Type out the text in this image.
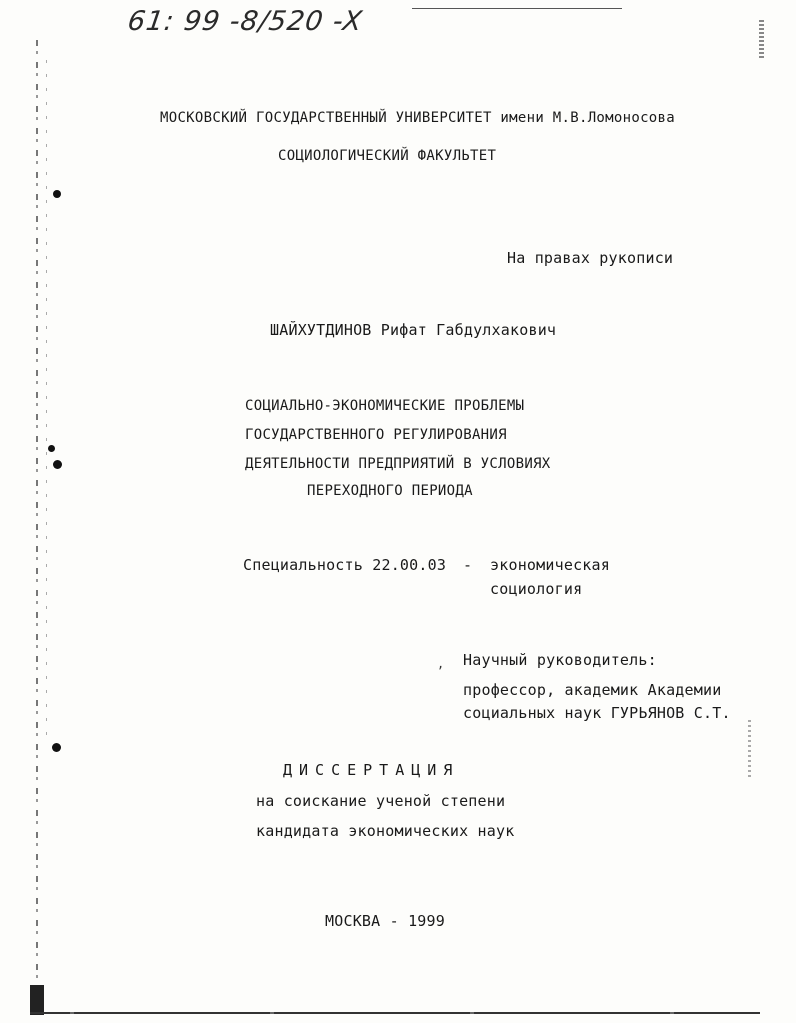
61: 99 -8/520 -X
МОСКОВСКИЙ ГОСУДАРСТВЕННЫЙ УНИВЕРСИТЕТ имени М.В.Ломоносова
СОЦИОЛОГИЧЕСКИЙ ФАКУЛЬТЕТ
На правах рукописи
ШАЙХУТДИНОВ Рифат Габдулхакович
СОЦИАЛЬНО-ЭКОНОМИЧЕСКИЕ ПРОБЛЕМЫ
ГОСУДАРСТВЕННОГО РЕГУЛИРОВАНИЯ
ДЕЯТЕЛЬНОСТИ ПРЕДПРИЯТИЙ В УСЛОВИЯХ
ПЕРЕХОДНОГО ПЕРИОДА
Специальность 22.00.03 - экономическая
социология
, Научный руководитель:
профессор, академик Академии
социальных наук ГУРЬЯНОВ С.Т.
ДИССЕРТАЦИЯ
на соискание ученой степени
кандидата экономических наук
МОСКВА - 1999
